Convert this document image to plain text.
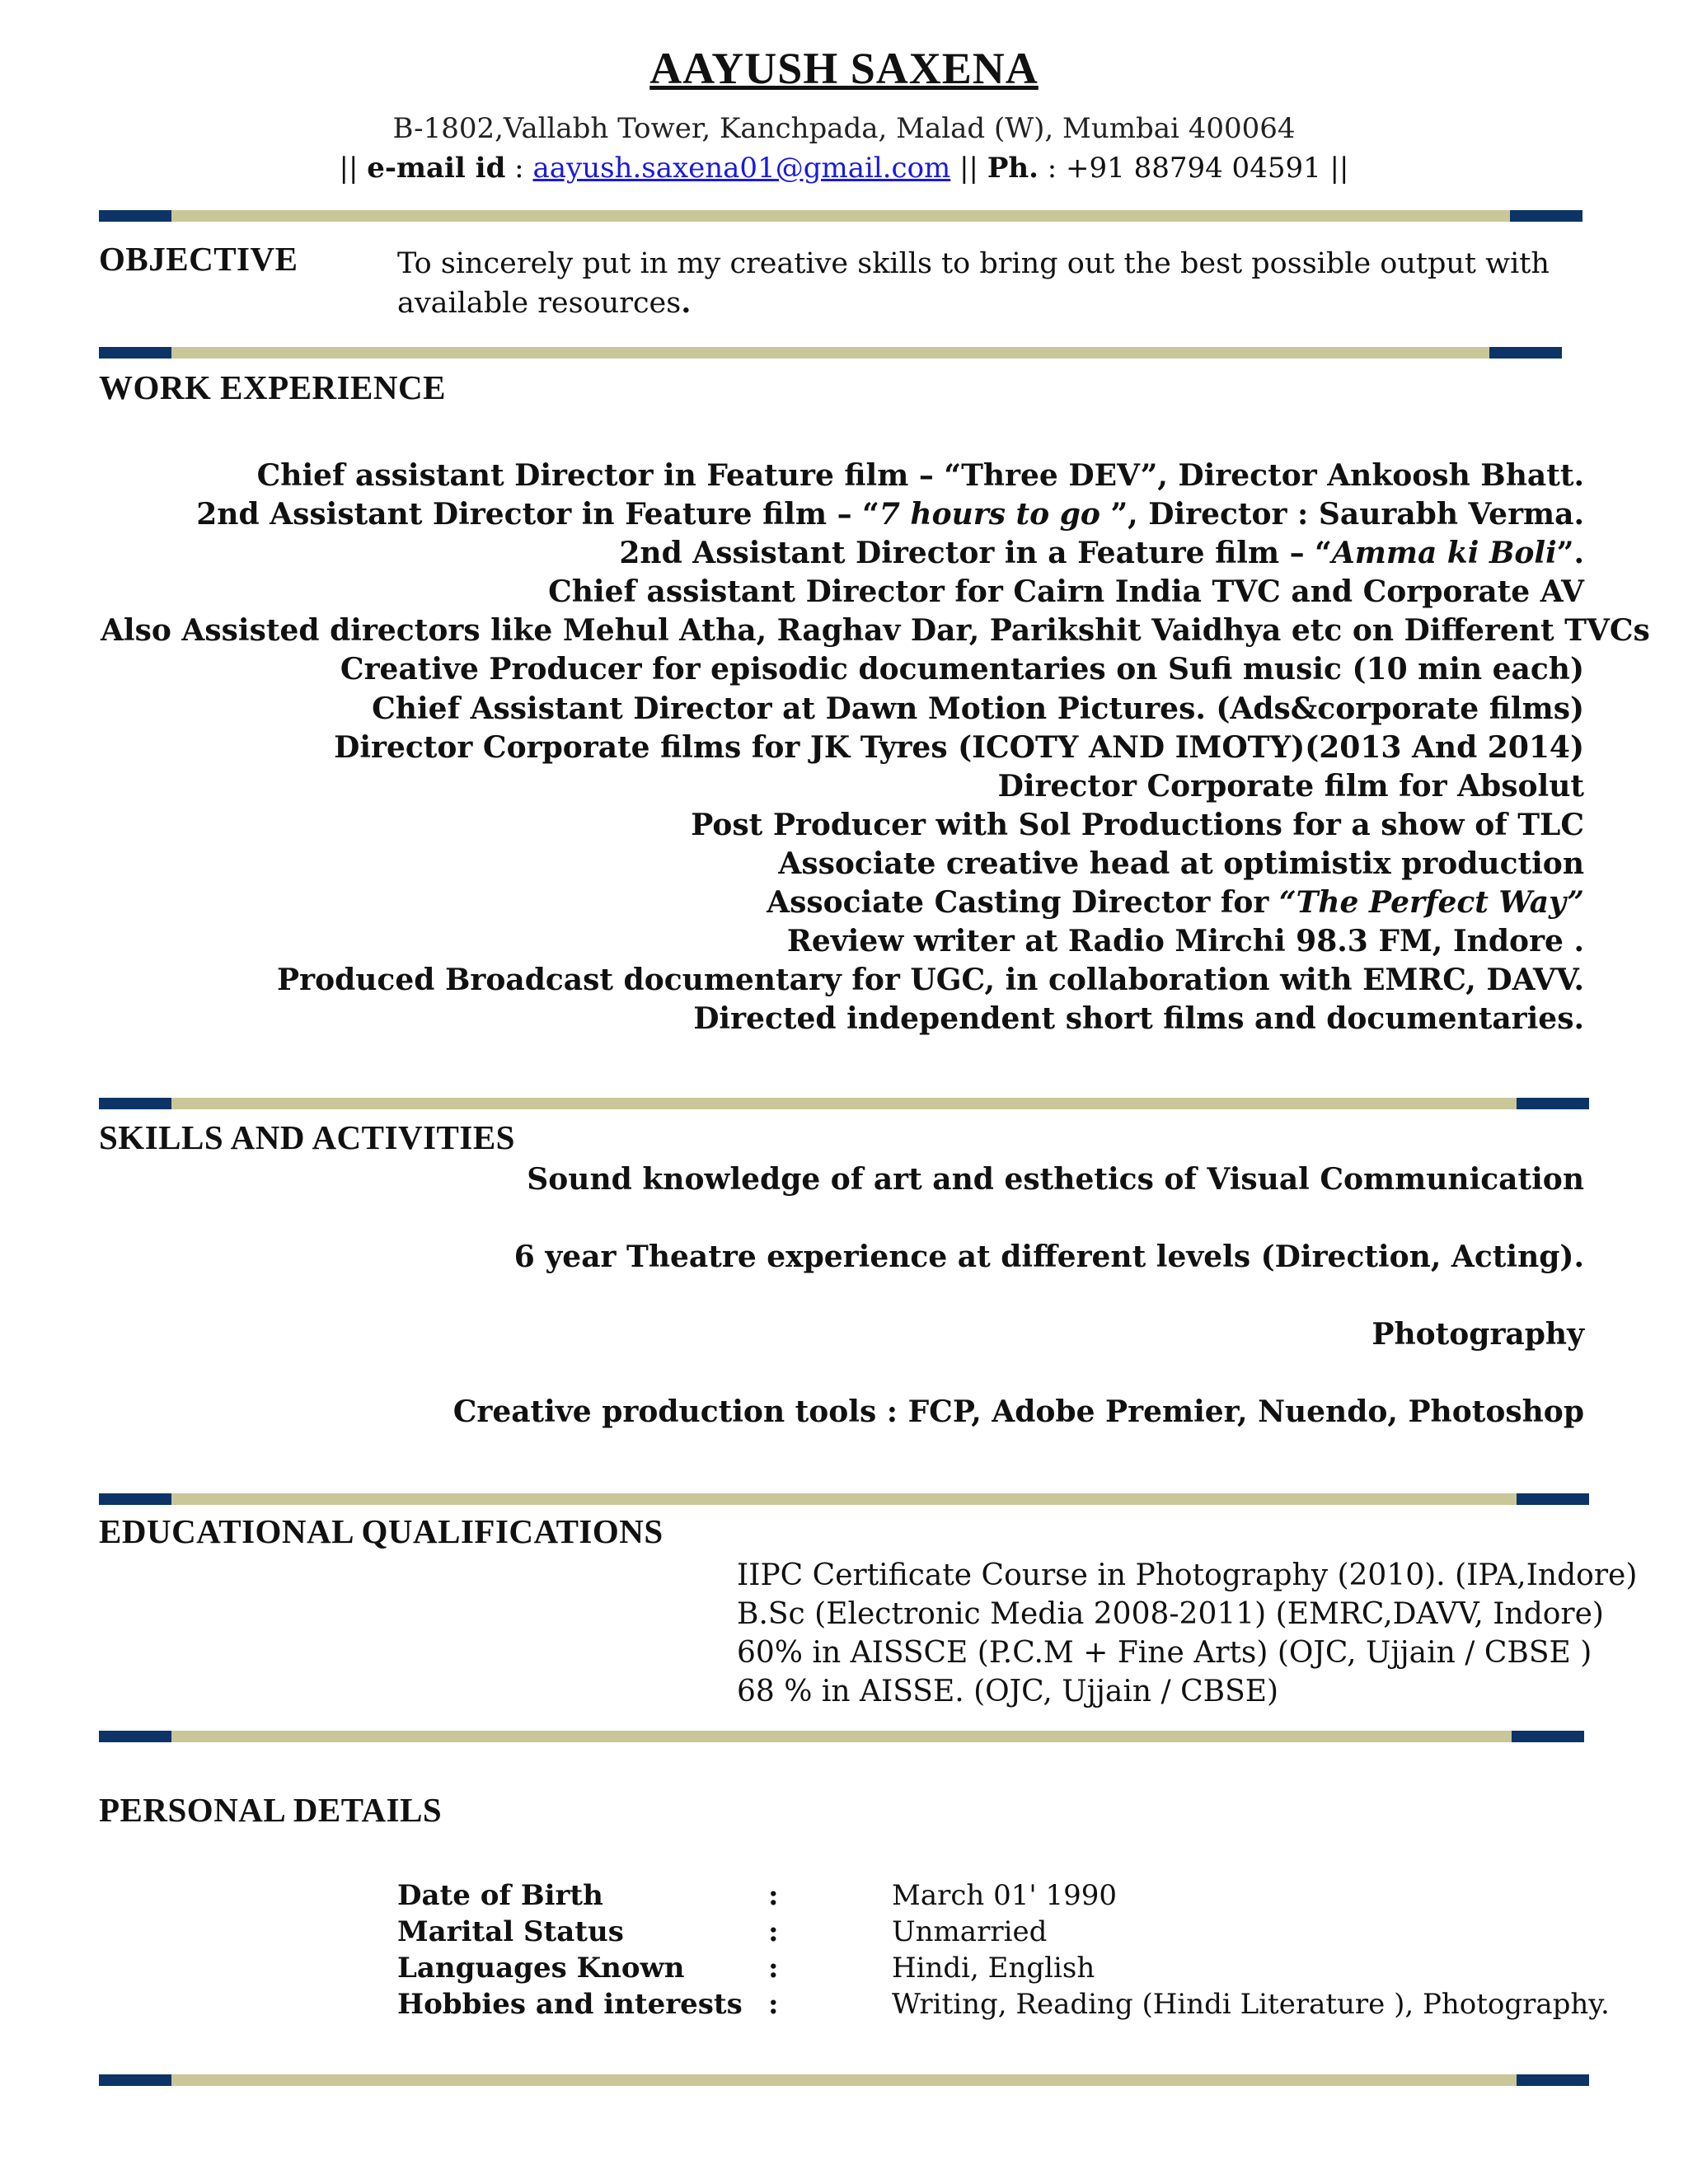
AAYUSH SAXENA
B-1802,Vallabh Tower, Kanchpada, Malad (W), Mumbai 400064
|| e-mail id : aayush.saxena01@gmail.com || Ph. : +91 88794 04591 ||
OBJECTIVE	To sincerely put in my creative skills to bring out the best possible output with available resources.
WORK EXPERIENCE
Chief assistant Director in Feature film – “Three DEV”, Director Ankoosh Bhatt.
2nd Assistant Director in Feature film – “7 hours to go ”, Director : Saurabh Verma.
2nd Assistant Director in a Feature film – “Amma ki Boli”.
Chief assistant Director for Cairn India TVC and Corporate AV
Also Assisted directors like Mehul Atha, Raghav Dar, Parikshit Vaidhya etc on Different TVCs
Creative Producer for episodic documentaries on Sufi music (10 min each)
Chief Assistant Director at Dawn Motion Pictures. (Ads&corporate films)
Director Corporate films for JK Tyres (ICOTY AND IMOTY)(2013 And 2014)
Director Corporate film for Absolut
Post Producer with Sol Productions for a show of TLC
Associate creative head at optimistix production
Associate Casting Director for “The Perfect Way”
Review writer at Radio Mirchi 98.3 FM, Indore .
Produced Broadcast documentary for UGC, in collaboration with EMRC, DAVV.
Directed independent short films and documentaries.
SKILLS AND ACTIVITIES
Sound knowledge of art and esthetics of Visual Communication
6 year Theatre experience at different levels (Direction, Acting).
Photography
Creative production tools : FCP, Adobe Premier, Nuendo, Photoshop
EDUCATIONAL QUALIFICATIONS
IIPC Certificate Course in Photography (2010). (IPA,Indore)
B.Sc (Electronic Media 2008-2011) (EMRC,DAVV, Indore)
60% in AISSCE (P.C.M + Fine Arts) (OJC, Ujjain / CBSE )
68 % in AISSE. (OJC, Ujjain / CBSE)
PERSONAL DETAILS
Date of Birth	:	March 01' 1990
Marital Status	:	Unmarried
Languages Known	:	Hindi, English
Hobbies and interests	:	Writing, Reading (Hindi Literature ), Photography.
